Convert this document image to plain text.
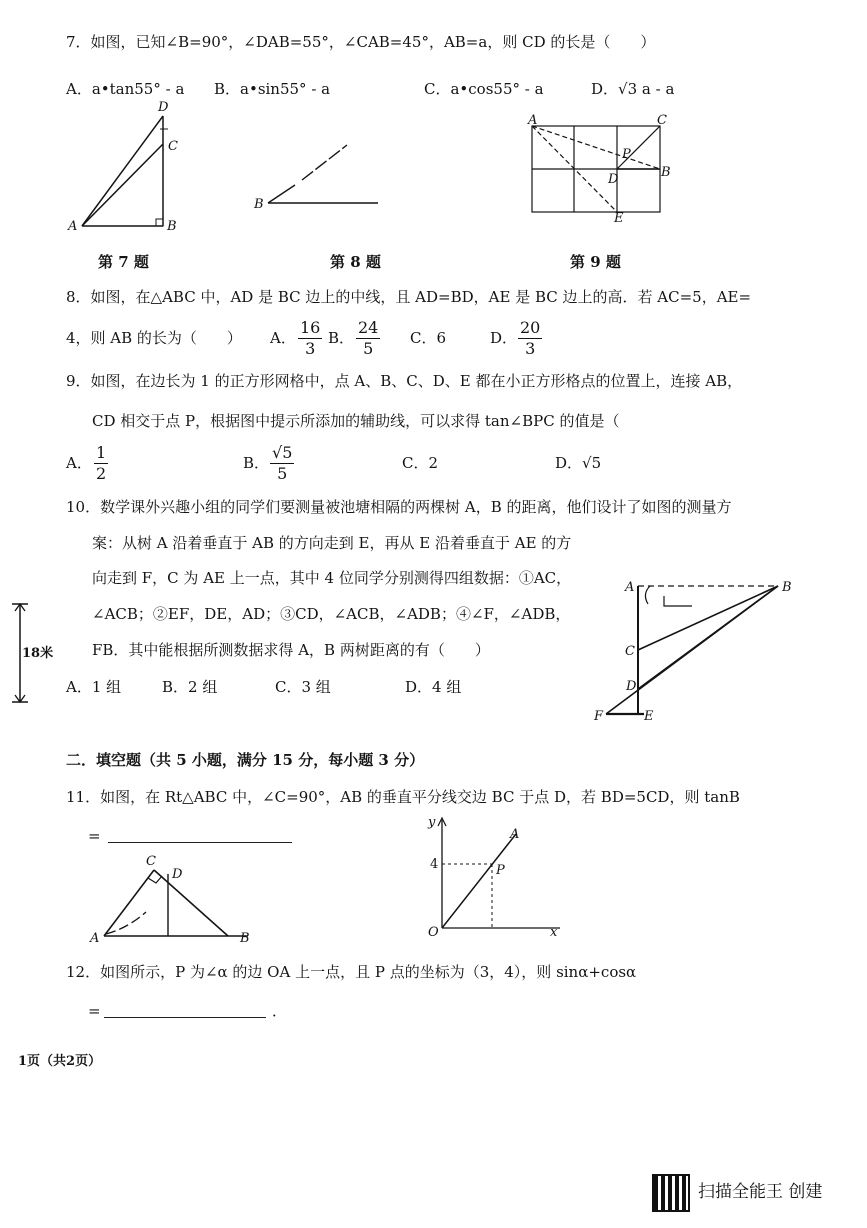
7．如图，已知∠B=90°，∠DAB=55°，∠CAB=45°，AB=a，则 CD 的长是（　　）
A．a•tan55° - a B．a•sin55° - a	C．a•cos55° - a	D．√3 a - a
D
C
A	B
B
A	C
P
D	B
E
第 7 题	第 8 题	第 9 题
8．如图，在△ABC 中，AD 是 BC 边上的中线，且 AD=BD，AE 是 BC 边上的高．若 AC=5，AE=
4，则 AB 的长为（　　） A． $\frac{16}{3}$ B． $\frac{24}{5}$ C．6	D． $\frac{20}{3}$
9．如图，在边长为 1 的正方形网格中，点 A、B、C、D、E 都在小正方形格点的位置上，连接 AB，
CD 相交于点 P，根据图中提示所添加的辅助线，可以求得 tan∠BPC 的值是（
A． $\frac{1}{2}$	B． $\frac{√5}{5}$	C．2	D．√5
10．数学课外兴趣小组的同学们要测量被池塘相隔的两棵树 A，B 的距离，他们设计了如图的测量方
案：从树 A 沿着垂直于 AB 的方向走到 E，再从 E 沿着垂直于 AE 的方
向走到 F，C 为 AE 上一点，其中 4 位同学分别测得四组数据：①AC，
∠ACB；②EF，DE，AD；③CD，∠ACB，∠ADB；④∠F，∠ADB，
FB．其中能根据所测数据求得 A，B 两树距离的有（　　）
A．1 组	B．2 组	C．3 组	D．4 组
18米
A	B
C
D
F	E
二．填空题（共 5 小题，满分 15 分，每小题 3 分）
11．如图，在 Rt△ABC 中，∠C=90°，AB 的垂直平分线交边 BC 于点 D，若 BD=5CD，则 tanB
=
C
D
A	B
y
A
4	P
O	x
12．如图所示，P 为∠α 的边 OA 上一点，且 P 点的坐标为（3，4），则 sinα+cosα
=	．
1页（共2页）
扫描全能王 创建
